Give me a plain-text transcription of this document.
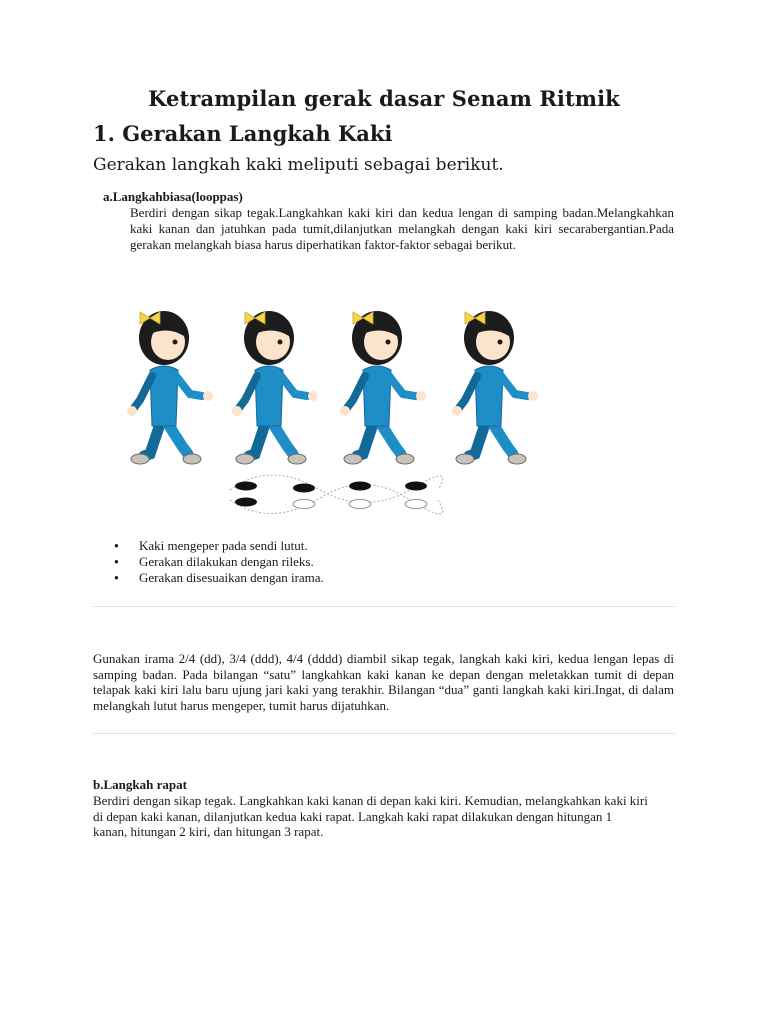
Ketrampilan gerak dasar Senam Ritmik
1. Gerakan Langkah Kaki
Gerakan langkah kaki meliputi sebagai berikut.
a.Langkahbiasa(looppas)
Berdiri dengan sikap tegak.Langkahkan kaki kiri dan kedua lengan di samping badan.Melangkahkan kaki kanan dan jatuhkan pada tumit,dilanjutkan melangkah dengan kaki kiri secarabergantian.Pada gerakan melangkah biasa harus diperhatikan faktor-faktor sebagai berikut.
● Kaki mengeper pada sendi lutut.
● Gerakan dilakukan dengan rileks.
● Gerakan disesuaikan dengan irama.
Gunakan irama 2/4 (dd), 3/4 (ddd), 4/4 (dddd) diambil sikap tegak, langkah kaki kiri, kedua lengan lepas di samping badan. Pada bilangan “satu” langkahkan kaki kanan ke depan dengan meletakkan tumit di depan telapak kaki kiri lalu baru ujung jari kaki yang terakhir. Bilangan “dua” ganti langkah kaki kiri.Ingat, di dalam melangkah lutut harus mengeper, tumit harus dijatuhkan.
b.Langkah rapat
Berdiri dengan sikap tegak. Langkahkan kaki kanan di depan kaki kiri. Kemudian, melangkahkan kaki kiri di depan kaki kanan, dilanjutkan kedua kaki rapat. Langkah kaki rapat dilakukan dengan hitungan 1 kanan, hitungan 2 kiri, dan hitungan 3 rapat.
